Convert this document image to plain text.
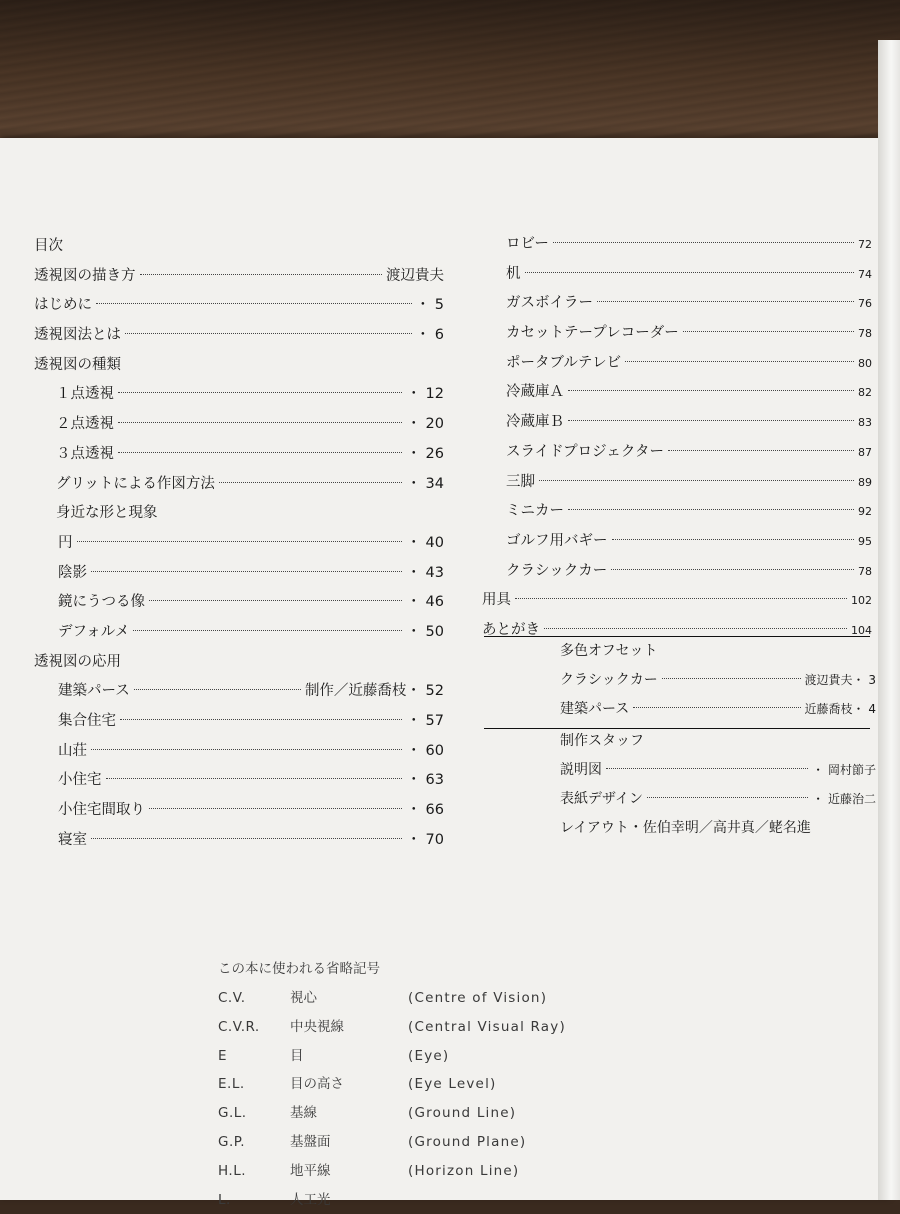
目次
透視図の描き方	渡辺貴夫
はじめに	・ 5
透視図法とは	・ 6
透視図の種類
１点透視	・ 12
２点透視	・ 20
３点透視	・ 26
グリットによる作図方法	・ 34
身近な形と現象
円	・ 40
陰影	・ 43
鏡にうつる像	・ 46
デフォルメ	・ 50
透視図の応用
建築パース	制作／近藤喬枝・ 52
集合住宅	・ 57
山荘	・ 60
小住宅	・ 63
小住宅間取り	・ 66
寝室	・ 70
ロビー	72
机	74
ガスボイラー	76
カセットテープレコーダー	78
ポータブルテレビ	80
冷蔵庫Ａ	82
冷蔵庫Ｂ	83
スライドプロジェクター	87
三脚	89
ミニカー	92
ゴルフ用バギー	95
クラシックカー	78
用具	102
あとがき	104
多色オフセット
クラシックカー	渡辺貴夫・ 3
建築パース	近藤喬枝・ 4
制作スタッフ
説明図	・ 岡村節子
表紙デザイン	・ 近藤治二
レイアウト・佐伯幸明／高井真／蛯名進
この本に使われる省略記号
C.V.	視心	(Centre of Vision)
C.V.R.	中央視線	(Central Visual Ray)
E	目	(Eye)
E.L.	目の高さ	(Eye Level)
G.L.	基線	(Ground Line)
G.P.	基盤面	(Ground Plane)
H.L.	地平線	(Horizon Line)
L.	人工光
